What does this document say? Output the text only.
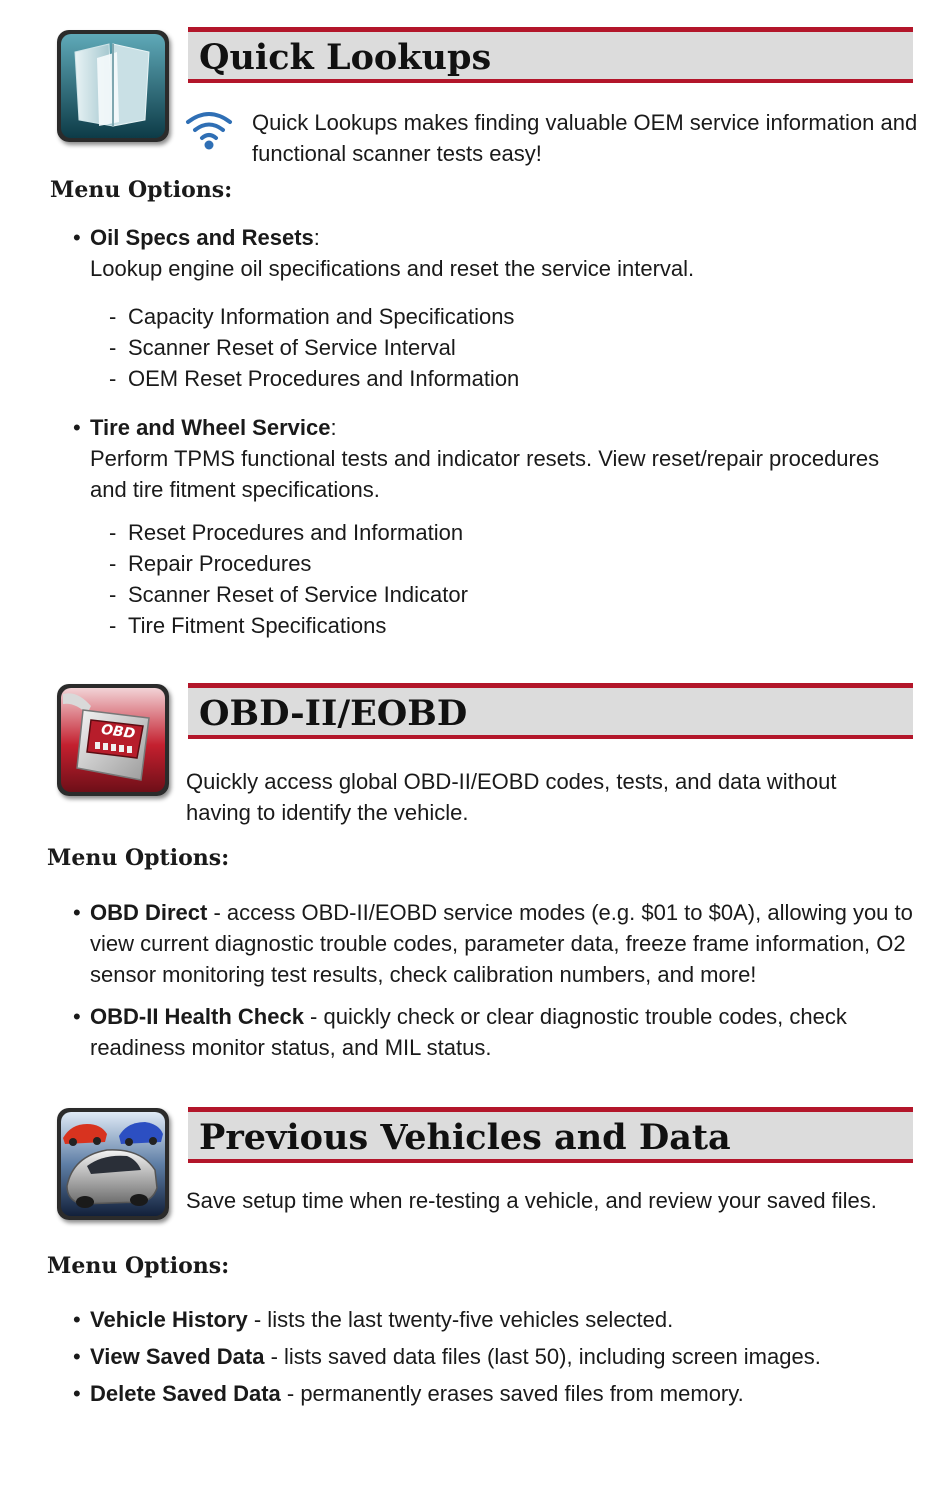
Quick Lookups
Quick Lookups makes finding valuable OEM service information and functional scanner tests easy!
Menu Options:
• Oil Specs and Resets:
Lookup engine oil specifications and reset the service interval.
- Capacity Information and Specifications
- Scanner Reset of Service Interval
- OEM Reset Procedures and Information
• Tire and Wheel Service:
Perform TPMS functional tests and indicator resets. View reset/repair procedures and tire fitment specifications.
- Reset Procedures and Information
- Repair Procedures
- Scanner Reset of Service Indicator
- Tire Fitment Specifications
OBD OBD-II/EOBD
Quickly access global OBD-II/EOBD codes, tests, and data without having to identify the vehicle.
Menu Options:
• OBD Direct - access OBD-II/EOBD service modes (e.g. $01 to $0A), allowing you to view current diagnostic trouble codes, parameter data, freeze frame information, O2 sensor monitoring test results, check calibration numbers, and more!
• OBD-II Health Check - quickly check or clear diagnostic trouble codes, check readiness monitor status, and MIL status.
Previous Vehicles and Data
Save setup time when re-testing a vehicle, and review your saved files.
Menu Options:
• Vehicle History - lists the last twenty-five vehicles selected.
• View Saved Data - lists saved data files (last 50), including screen images.
• Delete Saved Data - permanently erases saved files from memory.
